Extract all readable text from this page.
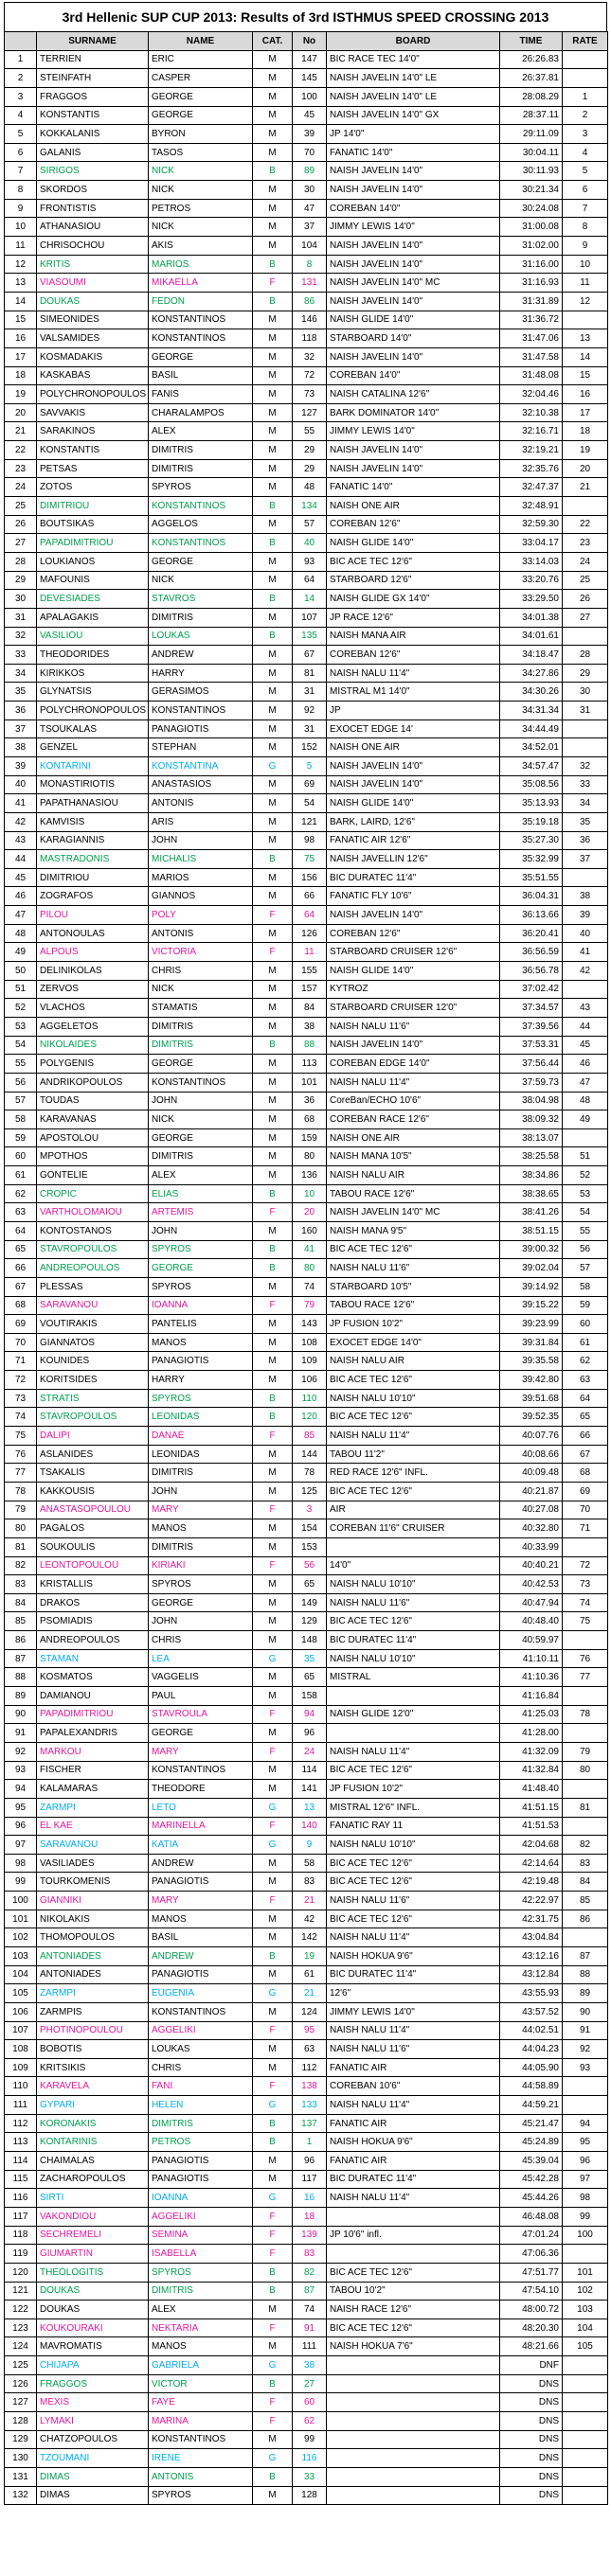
3rd Hellenic SUP CUP 2013: Results of 3rd ISTHMUS SPEED CROSSING 2013
	SURNAME	NAME	CAT.	No	BOARD	TIME	RATE
1	TERRIEN	ERIC	M	147	BIC RACE TEC 14'0"	26:26.83	
2	STEINFATH	CASPER	M	145	NAISH JAVELIN 14'0" LE	26:37.81	
3	FRAGGOS	GEORGE	M	100	NAISH JAVELIN 14'0" LE	28:08.29	1
4	KONSTANTIS	GEORGE	M	45	NAISH JAVELIN 14'0" GX	28:37.11	2
5	KOKKALANIS	BYRON	M	39	JP 14'0"	29:11.09	3
6	GALANIS	TASOS	M	70	FANATIC 14'0"	30:04.11	4
7	SIRIGOS	NICK	B	89	NAISH JAVELIN 14'0"	30:11.93	5
8	SKORDOS	NICK	M	30	NAISH JAVELIN 14'0"	30:21.34	6
9	FRONTISTIS	PETROS	M	47	COREBAN 14'0"	30:24.08	7
10	ATHANASIOU	NICK	M	37	JIMMY LEWIS 14'0"	31:00.08	8
11	CHRISOCHOU	AKIS	M	104	NAISH JAVELIN 14'0"	31:02.00	9
12	KRITIS	MARIOS	B	8	NAISH JAVELIN 14'0"	31:16.00	10
13	VIASOUMI	MIKAELLA	F	131	NAISH JAVELIN 14'0" MC	31:16.93	11
14	DOUKAS	FEDON	B	86	NAISH JAVELIN 14'0"	31:31.89	12
15	SIMEONIDES	KONSTANTINOS	M	146	NAISH GLIDE 14'0"	31:36.72	
16	VALSAMIDES	KONSTANTINOS	M	118	STARBOARD 14'0"	31:47.06	13
17	KOSMADAKIS	GEORGE	M	32	NAISH JAVELIN 14'0"	31:47.58	14
18	KASKABAS	BASIL	M	72	COREBAN 14'0"	31:48.08	15
19	POLYCHRONOPOULOS	FANIS	M	73	NAISH CATALINA 12'6"	32:04.46	16
20	SAVVAKIS	CHARALAMPOS	M	127	BARK DOMINATOR 14'0"	32:10.38	17
21	SARAKINOS	ALEX	M	55	JIMMY LEWIS 14'0"	32:16.71	18
22	KONSTANTIS	DIMITRIS	M	29	NAISH JAVELIN 14'0"	32:19.21	19
23	PETSAS	DIMITRIS	M	29	NAISH JAVELIN 14'0"	32:35.76	20
24	ZOTOS	SPYROS	M	48	FANATIC 14'0"	32:47.37	21
25	DIMITRIOU	KONSTANTINOS	B	134	NAISH ONE AIR	32:48.91	
26	BOUTSIKAS	AGGELOS	M	57	COREBAN 12'6"	32:59.30	22
27	PAPADIMITRIOU	KONSTANTINOS	B	40	NAISH GLIDE 14'0"	33:04.17	23
28	LOUKIANOS	GEORGE	M	93	BIC ACE TEC 12'6"	33:14.03	24
29	MAFOUNIS	NICK	M	64	STARBOARD 12'6"	33:20.76	25
30	DEVESIADES	STAVROS	B	14	NAISH GLIDE GX 14'0"	33:29.50	26
31	APALAGAKIS	DIMITRIS	M	107	JP RACE 12'6"	34:01.38	27
32	VASILIOU	LOUKAS	B	135	NAISH MANA AIR	34:01.61	
33	THEODORIDES	ANDREW	M	67	COREBAN 12'6"	34:18.47	28
34	KIRIKKOS	HARRY	M	81	NAISH NALU 11'4"	34:27.86	29
35	GLYNATSIS	GERASIMOS	M	31	MISTRAL M1 14'0"	34:30.26	30
36	POLYCHRONOPOULOS	KONSTANTINOS	M	92	JP	34:31.34	31
37	TSOUKALAS	PANAGIOTIS	M	31	EXOCET EDGE 14'	34:44.49	
38	GENZEL	STEPHAN	M	152	NAISH ONE AIR	34:52.01	
39	KONTARINI	KONSTANTINA	G	5	NAISH JAVELIN 14'0"	34:57.47	32
40	MONASTIRIOTIS	ANASTASIOS	M	69	NAISH JAVELIN 14'0"	35:08.56	33
41	PAPATHANASIOU	ANTONIS	M	54	NAISH GLIDE 14'0"	35:13.93	34
42	KAMVISIS	ARIS	M	121	BARK, LAIRD, 12'6"	35:19.18	35
43	KARAGIANNIS	JOHN	M	98	FANATIC AIR 12'6"	35:27.30	36
44	MASTRADONIS	MICHALIS	B	75	NAISH JAVELLIN 12'6"	35:32.99	37
45	DIMITRIOU	MARIOS	M	156	BIC DURATEC 11'4"	35:51.55	
46	ZOGRAFOS	GIANNOS	M	66	FANATIC FLY 10'6"	36:04.31	38
47	PILOU	POLY	F	64	NAISH JAVELIN 14'0"	36:13.66	39
48	ANTONOULAS	ANTONIS	M	126	COREBAN 12'6"	36:20.41	40
49	ALPOUS	VICTORIA	F	11	STARBOARD CRUISER 12'6"	36:56.59	41
50	DELINIKOLAS	CHRIS	M	155	NAISH GLIDE 14'0"	36:56.78	42
51	ZERVOS	NICK	M	157	KYTROZ	37:02.42	
52	VLACHOS	STAMATIS	M	84	STARBOARD CRUISER 12'0"	37:34.57	43
53	AGGELETOS	DIMITRIS	M	38	NAISH NALU 11'6"	37:39.56	44
54	NIKOLAIDES	DIMITRIS	B	88	NAISH JAVELIN 14'0"	37:53.31	45
55	POLYGENIS	GEORGE	M	113	COREBAN EDGE 14'0"	37:56.44	46
56	ANDRIKOPOULOS	KONSTANTINOS	M	101	NAISH NALU 11'4"	37:59.73	47
57	TOUDAS	JOHN	M	36	CoreBan/ECHO 10'6"	38:04.98	48
58	KARAVANAS	NICK	M	68	COREBAN RACE 12'6"	38:09.32	49
59	APOSTOLOU	GEORGE	M	159	NAISH ONE AIR	38:13.07	
60	MPOTHOS	DIMITRIS	M	80	NAISH MANA 10'5"	38:25.58	51
61	GONTELIE	ALEX	M	136	NAISH NALU AIR	38:34.86	52
62	CROPIC	ELIAS	B	10	TABOU RACE 12'6"	38:38.65	53
63	VARTHOLOMAIOU	ARTEMIS	F	20	NAISH JAVELIN 14'0" MC	38:41.26	54
64	KONTOSTANOS	JOHN	M	160	NAISH MANA 9'5"	38:51.15	55
65	STAVROPOULOS	SPYROS	B	41	BIC ACE TEC 12'6"	39:00.32	56
66	ANDREOPOULOS	GEORGE	B	80	NAISH NALU 11'6"	39:02.04	57
67	PLESSAS	SPYROS	M	74	STARBOARD 10'5"	39:14.92	58
68	SARAVANOU	IOANNA	F	79	TABOU RACE 12'6"	39:15.22	59
69	VOUTIRAKIS	PANTELIS	M	143	JP FUSION 10'2"	39:23.99	60
70	GIANNATOS	MANOS	M	108	EXOCET EDGE 14'0"	39:31.84	61
71	KOUNIDES	PANAGIOTIS	M	109	NAISH NALU AIR	39:35.58	62
72	KORITSIDES	HARRY	M	106	BIC ACE TEC 12'6"	39:42.80	63
73	STRATIS	SPYROS	B	110	NAISH NALU 10'10"	39:51.68	64
74	STAVROPOULOS	LEONIDAS	B	120	BIC ACE TEC 12'6"	39:52.35	65
75	DALIPI	DANAE	F	85	NAISH NALU 11'4"	40:07.76	66
76	ASLANIDES	LEONIDAS	M	144	TABOU 11'2"	40:08.66	67
77	TSAKALIS	DIMITRIS	M	78	RED RACE 12'6" INFL.	40:09.48	68
78	KAKKOUSIS	JOHN	M	125	BIC ACE TEC 12'6"	40:21.87	69
79	ANASTASOPOULOU	MARY	F	3	AIR	40:27.08	70
80	PAGALOS	MANOS	M	154	COREBAN 11'6" CRUISER	40:32.80	71
81	SOUKOULIS	DIMITRIS	M	153		40:33.99	
82	LEONTOPOULOU	KIRIAKI	F	56	14'0"	40:40.21	72
83	KRISTALLIS	SPYROS	M	65	NAISH NALU 10'10"	40:42.53	73
84	DRAKOS	GEORGE	M	149	NAISH NALU 11'6"	40:47.94	74
85	PSOMIADIS	JOHN	M	129	BIC ACE TEC 12'6"	40:48.40	75
86	ANDREOPOULOS	CHRIS	M	148	BIC DURATEC 11'4"	40:59.97	
87	STAMAN	LEA	G	35	NAISH NALU 10'10"	41:10.11	76
88	KOSMATOS	VAGGELIS	M	65	MISTRAL	41:10.36	77
89	DAMIANOU	PAUL	M	158		41:16.84	
90	PAPADIMITRIOU	STAVROULA	F	94	NAISH GLIDE 12'0"	41:25.03	78
91	PAPALEXANDRIS	GEORGE	M	96		41:28.00	
92	MARKOU	MARY	F	24	NAISH NALU 11'4"	41:32.09	79
93	FISCHER	KONSTANTINOS	M	114	BIC ACE TEC 12'6"	41:32.84	80
94	KALAMARAS	THEODORE	M	141	JP FUSION 10'2"	41:48.40	
95	ZARMPI	LETO	G	13	MISTRAL 12'6" INFL.	41:51.15	81
96	EL KAE	MARINELLA	F	140	FANATIC RAY 11	41:51.53	
97	SARAVANOU	KATIA	G	9	NAISH NALU 10'10"	42:04.68	82
98	VASILIADES	ANDREW	M	58	BIC ACE TEC 12'6"	42:14.64	83
99	TOURKOMENIS	PANAGIOTIS	M	83	BIC ACE TEC 12'6"	42:19.48	84
100	GIANNIKI	MARY	F	21	NAISH NALU 11'6"	42:22.97	85
101	NIKOLAKIS	MANOS	M	42	BIC ACE TEC 12'6"	42:31.75	86
102	THOMOPOULOS	BASIL	M	142	NAISH NALU 11'4"	43:04.84	
103	ANTONIADES	ANDREW	B	19	NAISH HOKUA 9'6"	43:12.16	87
104	ANTONIADES	PANAGIOTIS	M	61	BIC DURATEC 11'4"	43:12.84	88
105	ZARMPI	EUGENIA	G	21	12'6"	43:55.93	89
106	ZARMPIS	KONSTANTINOS	M	124	JIMMY LEWIS 14'0"	43:57.52	90
107	PHOTINOPOULOU	AGGELIKI	F	95	NAISH NALU 11'4"	44:02.51	91
108	BOBOTIS	LOUKAS	M	63	NAISH NALU 11'6"	44:04.23	92
109	KRITSIKIS	CHRIS	M	112	FANATIC AIR	44:05.90	93
110	KARAVELA	FANI	F	138	COREBAN 10'6"	44:58.89	
111	GYPARI	HELEN	G	133	NAISH NALU 11'4"	44:59.21	
112	KORONAKIS	DIMITRIS	B	137	FANATIC AIR	45:21.47	94
113	KONTARINIS	PETROS	B	1	NAISH HOKUA 9'6"	45:24.89	95
114	CHAIMALAS	PANAGIOTIS	M	96	FANATIC AIR	45:39.04	96
115	ZACHAROPOULOS	PANAGIOTIS	M	117	BIC DURATEC 11'4"	45:42.28	97
116	SIRTI	IOANNA	G	16	NAISH NALU 11'4"	45:44.26	98
117	VAKONDIOU	AGGELIKI	F	18		46:48.08	99
118	SECHREMELI	SEMINA	F	139	JP 10'6" infl.	47:01.24	100
119	GIUMARTIN	ISABELLA	F	83		47:06.36	
120	THEOLOGITIS	SPYROS	B	82	BIC ACE TEC 12'6"	47:51.77	101
121	DOUKAS	DIMITRIS	B	87	TABOU 10'2"	47:54.10	102
122	DOUKAS	ALEX	M	74	NAISH RACE 12'6"	48:00.72	103
123	KOUKOURAKI	NEKTARIA	F	91	BIC ACE TEC 12'6"	48:20.30	104
124	MAVROMATIS	MANOS	M	111	NAISH HOKUA 7'6"	48:21.66	105
125	CHIJAPA	GABRIELA	G	38		DNF	
126	FRAGGOS	VICTOR	B	27		DNS	
127	MEXIS	FAYE	F	60		DNS	
128	LYMAKI	MARINA	F	62		DNS	
129	CHATZOPOULOS	KONSTANTINOS	M	99		DNS	
130	TZOUMANI	IRENE	G	116		DNS	
131	DIMAS	ANTONIS	B	33		DNS	
132	DIMAS	SPYROS	M	128		DNS	
